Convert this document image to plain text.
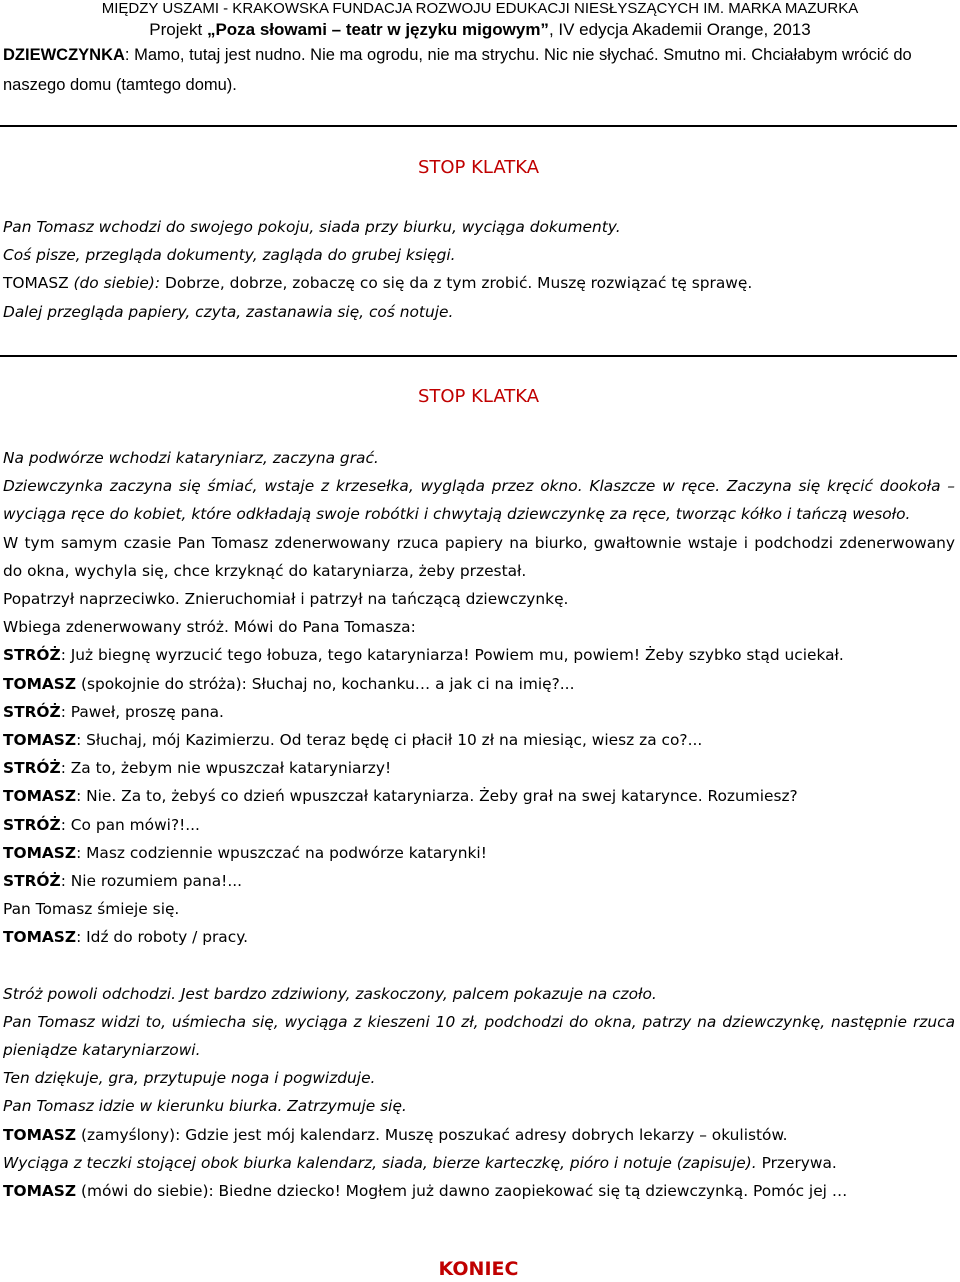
MIĘDZY USZAMI - KRAKOWSKA FUNDACJA ROZWOJU EDUKACJI NIESŁYSZĄCYCH IM. MARKA MAZURKA
Projekt „Poza słowami – teatr w języku migowym”, IV edycja Akademii Orange, 2013
DZIEWCZYNKA: Mamo, tutaj jest nudno. Nie ma ogrodu, nie ma strychu. Nic nie słychać. Smutno mi. Chciałabym wrócić do naszego domu (tamtego domu).
STOP KLATKA

Pan Tomasz wchodzi do swojego pokoju, siada przy biurku, wyciąga dokumenty.

Coś pisze, przegląda dokumenty, zagląda do grubej księgi.

TOMASZ (do siebie): Dobrze, dobrze, zobaczę co się da z tym zrobić. Muszę rozwiązać tę sprawę.

Dalej przegląda papiery, czyta, zastanawia się, coś notuje.

STOP KLATKA

Na podwórze wchodzi kataryniarz, zaczyna grać.

Dziewczynka zaczyna się śmiać, wstaje z krzesełka, wygląda przez okno. Klaszcze w ręce. Zaczyna się kręcić dookoła – wyciąga ręce do kobiet, które odkładają swoje robótki i chwytają dziewczynkę za ręce, tworząc kółko i tańczą wesoło.

W tym samym czasie Pan Tomasz zdenerwowany rzuca papiery na biurko, gwałtownie wstaje i podchodzi zdenerwowany do okna, wychyla się, chce krzyknąć do kataryniarza, żeby przestał.

Popatrzył naprzeciwko. Znieruchomiał i patrzył na tańczącą dziewczynkę.

Wbiega zdenerwowany stróż. Mówi do Pana Tomasza:

STRÓŻ: Już biegnę wyrzucić tego łobuza, tego kataryniarza! Powiem mu, powiem! Żeby szybko stąd uciekał.

TOMASZ (spokojnie do stróża): Słuchaj no, kochanku… a jak ci na imię?...

STRÓŻ: Paweł, proszę pana.

TOMASZ: Słuchaj, mój Kazimierzu. Od teraz będę ci płacił 10 zł na miesiąc, wiesz za co?...

STRÓŻ: Za to, żebym nie wpuszczał kataryniarzy!

TOMASZ: Nie. Za to, żebyś co dzień wpuszczał kataryniarza. Żeby grał na swej katarynce. Rozumiesz?

STRÓŻ: Co pan mówi?!...

TOMASZ: Masz codziennie wpuszczać na podwórze katarynki!

STRÓŻ: Nie rozumiem pana!...

Pan Tomasz śmieje się.

TOMASZ: Idź do roboty / pracy.

Stróż powoli odchodzi. Jest bardzo zdziwiony, zaskoczony, palcem pokazuje na czoło.

Pan Tomasz widzi to, uśmiecha się, wyciąga z kieszeni 10 zł, podchodzi do okna, patrzy na dziewczynkę, następnie rzuca pieniądze kataryniarzowi.

Ten dziękuje, gra, przytupuje noga i pogwizduje.

Pan Tomasz idzie w kierunku biurka. Zatrzymuje się.

TOMASZ (zamyślony): Gdzie jest mój kalendarz. Muszę poszukać adresy dobrych lekarzy – okulistów.

Wyciąga z teczki stojącej obok biurka kalendarz, siada, bierze karteczkę, pióro i notuje (zapisuje). Przerywa.

TOMASZ (mówi do siebie): Biedne dziecko! Mogłem już dawno zaopiekować się tą dziewczynką. Pomóc jej …

KONIEC
